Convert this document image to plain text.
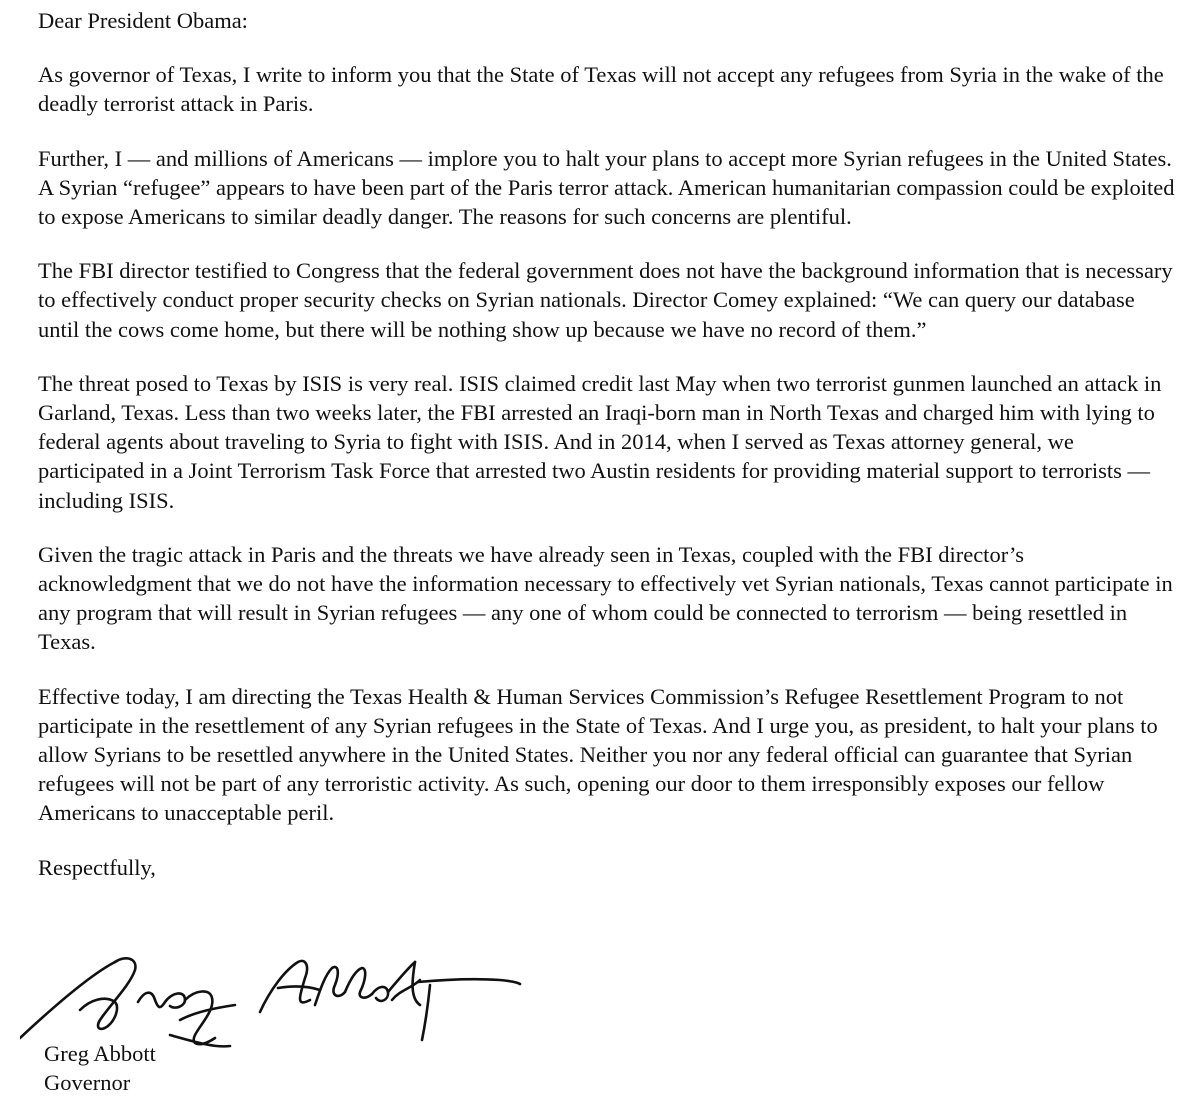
Dear President Obama:

As governor of Texas, I write to inform you that the State of Texas will not accept any refugees from Syria in the wake of the deadly terrorist attack in Paris.

Further, I — and millions of Americans — implore you to halt your plans to accept more Syrian refugees in the United States. A Syrian “refugee” appears to have been part of the Paris terror attack. American humanitarian compassion could be exploited to expose Americans to similar deadly danger. The reasons for such concerns are plentiful.

The FBI director testified to Congress that the federal government does not have the background information that is necessary to effectively conduct proper security checks on Syrian nationals. Director Comey explained: “We can query our database until the cows come home, but there will be nothing show up because we have no record of them.”

The threat posed to Texas by ISIS is very real. ISIS claimed credit last May when two terrorist gunmen launched an attack in Garland, Texas. Less than two weeks later, the FBI arrested an Iraqi-born man in North Texas and charged him with lying to federal agents about traveling to Syria to fight with ISIS. And in 2014, when I served as Texas attorney general, we participated in a Joint Terrorism Task Force that arrested two Austin residents for providing material support to terrorists — including ISIS.

Given the tragic attack in Paris and the threats we have already seen in Texas, coupled with the FBI director’s acknowledgment that we do not have the information necessary to effectively vet Syrian nationals, Texas cannot participate in any program that will result in Syrian refugees — any one of whom could be connected to terrorism — being resettled in Texas.

Effective today, I am directing the Texas Health & Human Services Commission’s Refugee Resettlement Program to not participate in the resettlement of any Syrian refugees in the State of Texas. And I urge you, as president, to halt your plans to allow Syrians to be resettled anywhere in the United States. Neither you nor any federal official can guarantee that Syrian refugees will not be part of any terroristic activity. As such, opening our door to them irresponsibly exposes our fellow Americans to unacceptable peril.

Respectfully,

Greg Abbott
Governor
